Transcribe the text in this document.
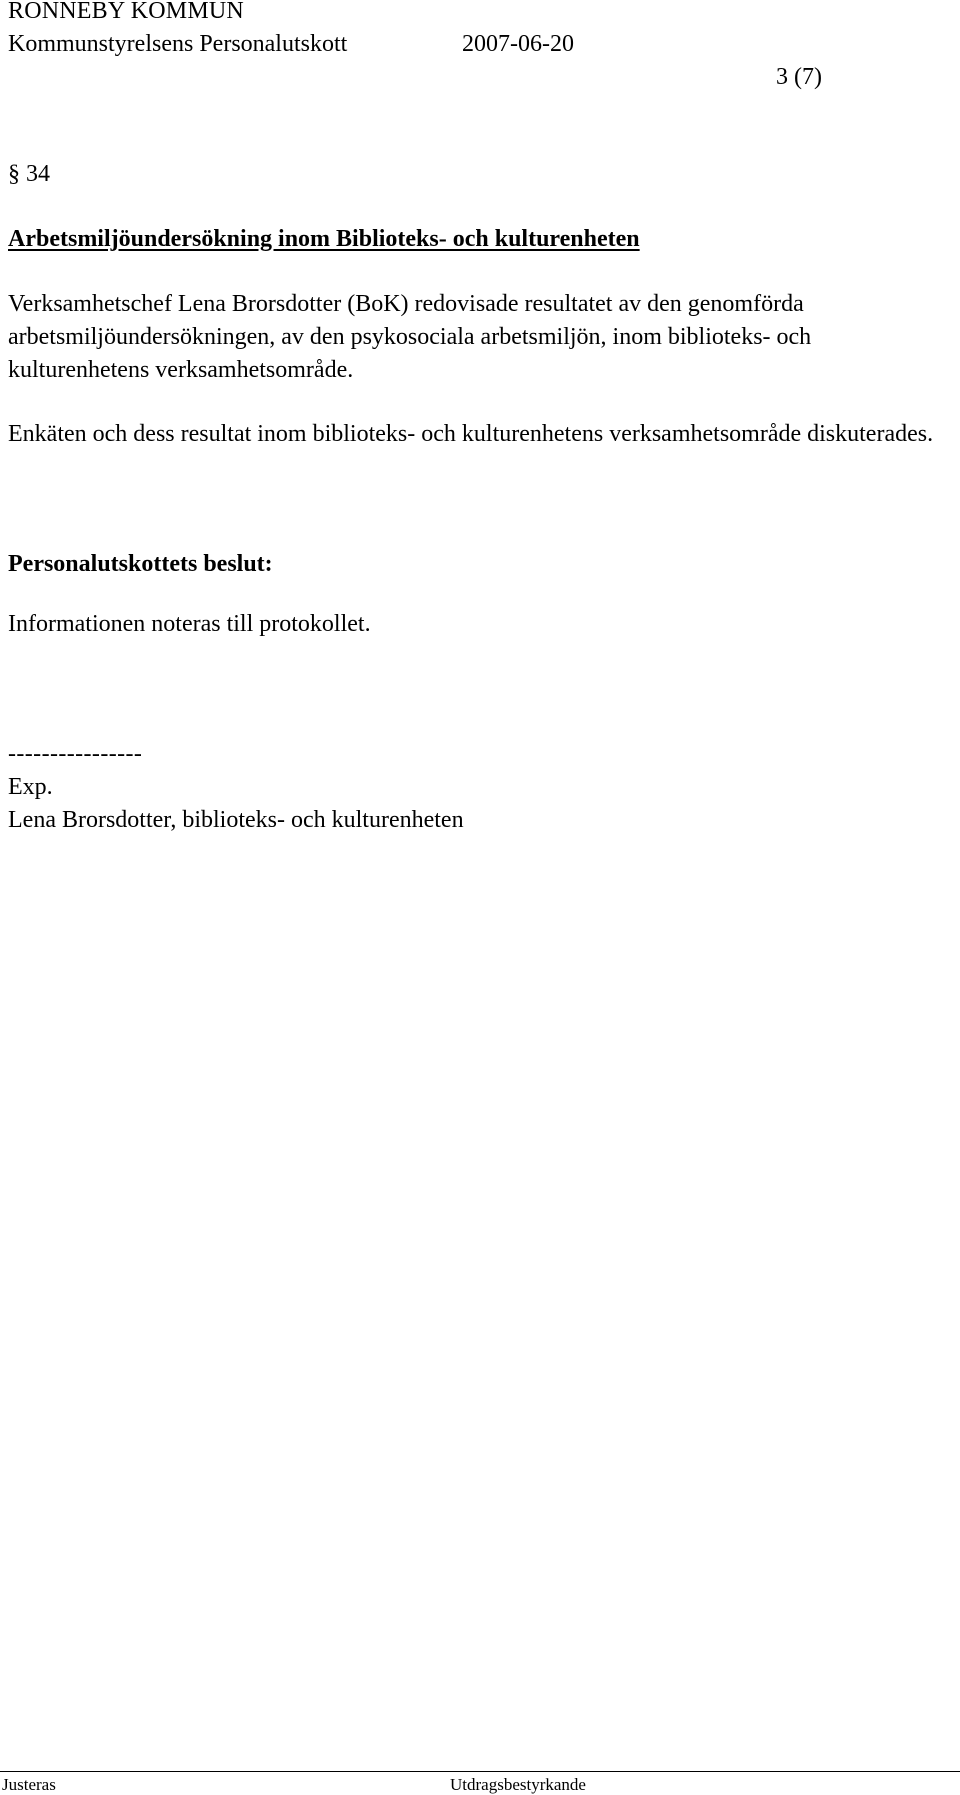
RONNEBY KOMMUN
Kommunstyrelsens Personalutskott	2007-06-20
3 (7)
§ 34
Arbetsmiljöundersökning inom Biblioteks- och kulturenheten
Verksamhetschef Lena Brorsdotter (BoK) redovisade resultatet av den genomförda arbetsmiljöundersökningen, av den psykosociala arbetsmiljön, inom biblioteks- och kulturenhetens verksamhetsområde.
Enkäten och dess resultat inom biblioteks- och kulturenhetens verksamhetsområde diskuterades.
Personalutskottets beslut:
Informationen noteras till protokollet.
----------------
Exp.
Lena Brorsdotter, biblioteks- och kulturenheten
Justeras	Utdragsbestyrkande
